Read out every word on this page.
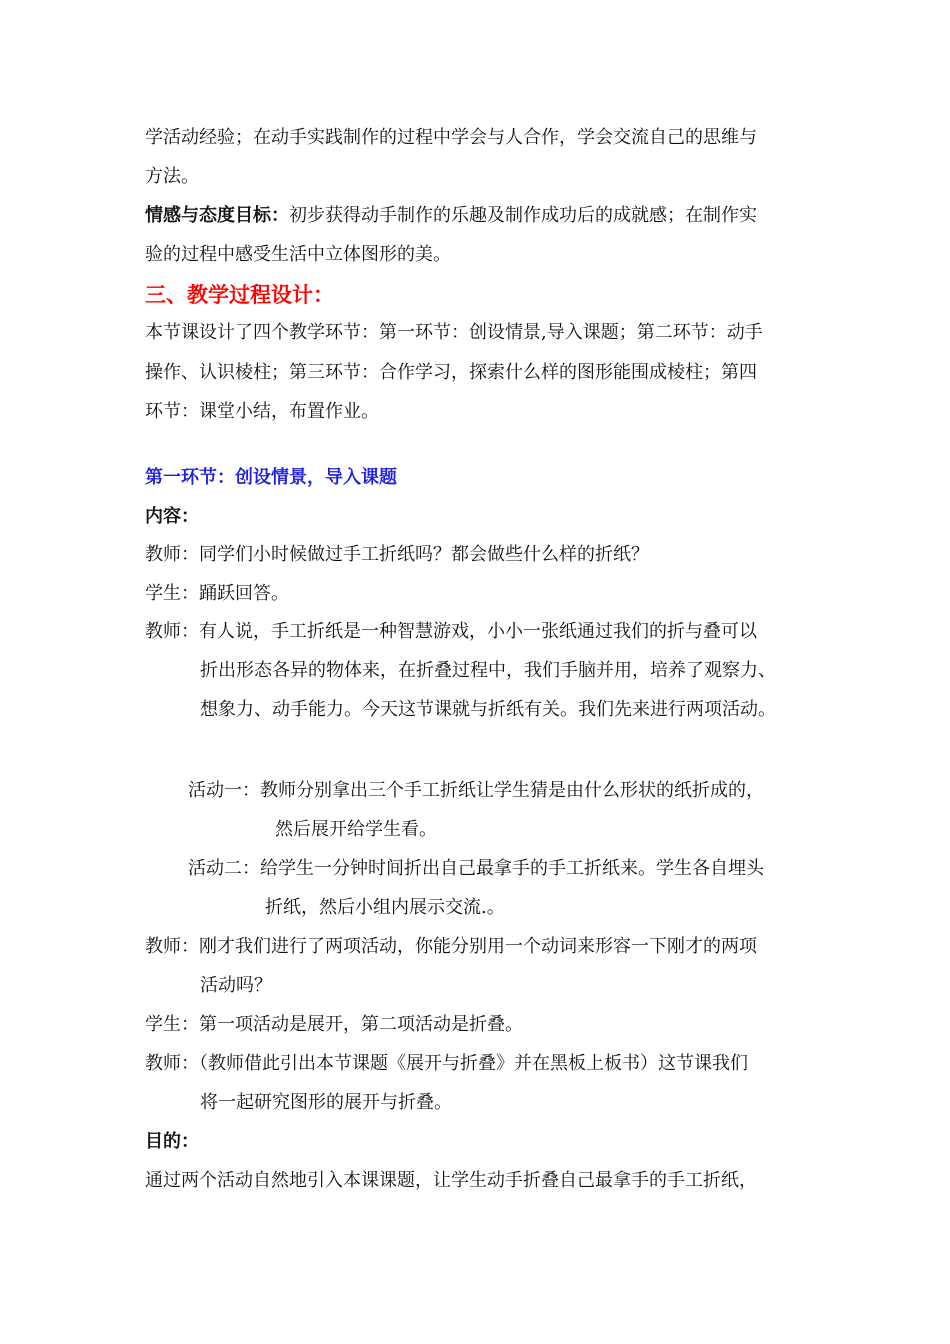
学活动经验；在动手实践制作的过程中学会与人合作，学会交流自己的思维与
方法。
情感与态度目标：初步获得动手制作的乐趣及制作成功后的成就感；在制作实
验的过程中感受生活中立体图形的美。
三、教学过程设计：
本节课设计了四个教学环节：第一环节：创设情景,导入课题；第二环节：动手
操作、认识棱柱；第三环节：合作学习，探索什么样的图形能围成棱柱；第四
环节：课堂小结，布置作业。
第一环节：创设情景，导入课题
内容：
教师：同学们小时候做过手工折纸吗？都会做些什么样的折纸？
学生：踊跃回答。
教师：有人说，手工折纸是一种智慧游戏，小小一张纸通过我们的折与叠可以
折出形态各异的物体来，在折叠过程中，我们手脑并用，培养了观察力、
想象力、动手能力。今天这节课就与折纸有关。我们先来进行两项活动。
活动一：教师分别拿出三个手工折纸让学生猜是由什么形状的纸折成的，
然后展开给学生看。
活动二：给学生一分钟时间折出自己最拿手的手工折纸来。学生各自埋头
折纸，然后小组内展示交流.。
教师：刚才我们进行了两项活动，你能分别用一个动词来形容一下刚才的两项
活动吗？
学生：第一项活动是展开，第二项活动是折叠。
教师：（教师借此引出本节课题《展开与折叠》并在黑板上板书）这节课我们
将一起研究图形的展开与折叠。
目的：
通过两个活动自然地引入本课课题，让学生动手折叠自己最拿手的手工折纸，
